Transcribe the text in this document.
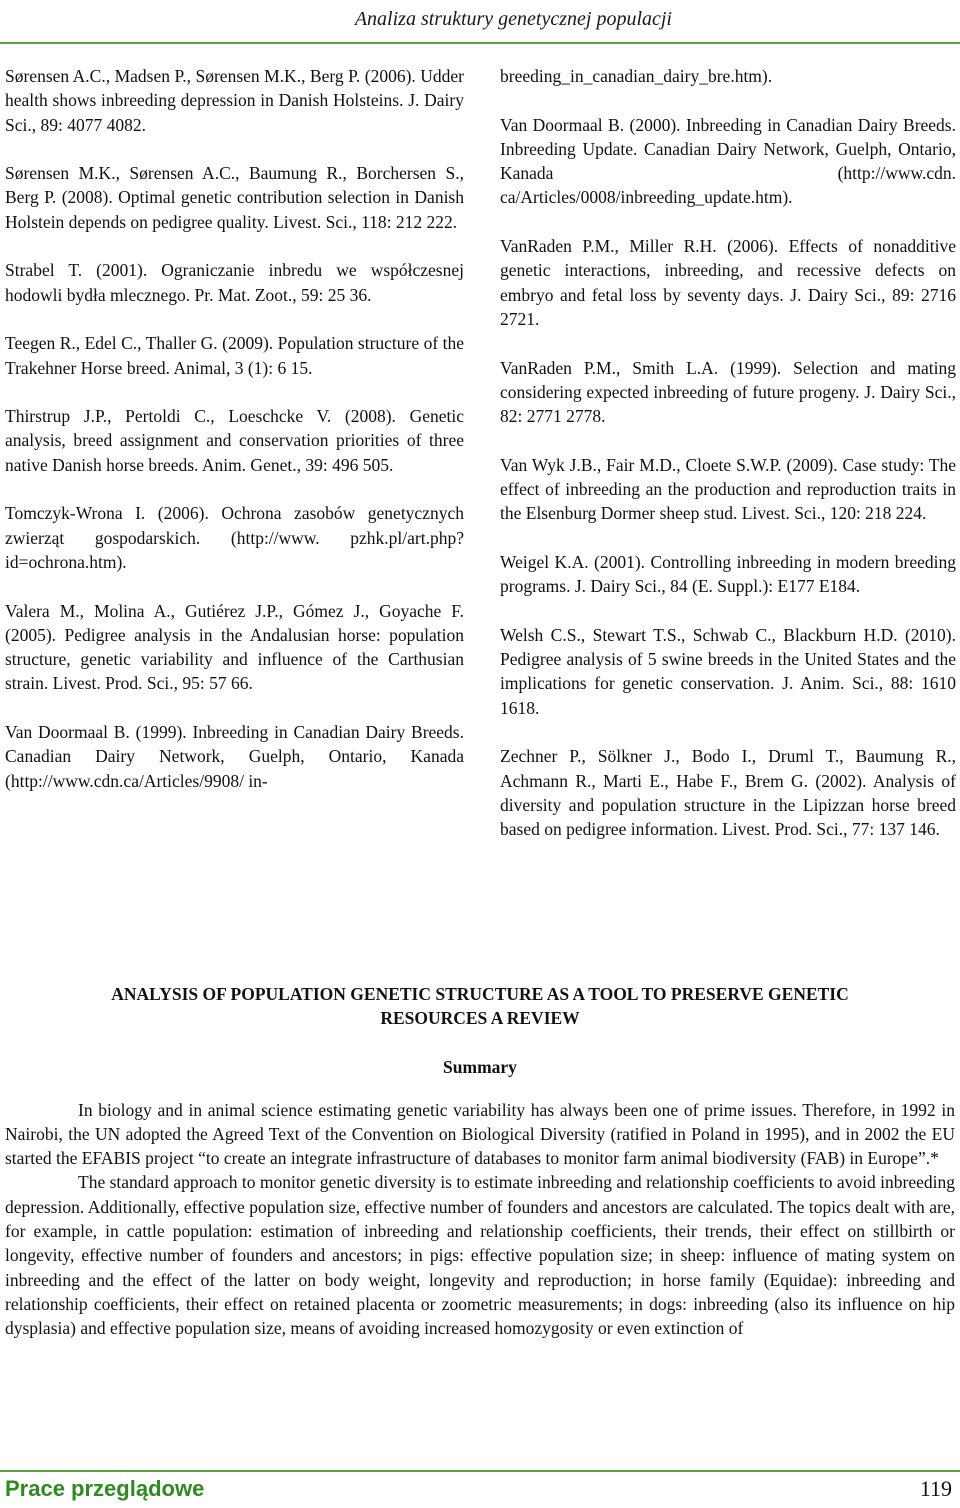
Analiza struktury genetycznej populacji

Sørensen A.C., Madsen P., Sørensen M.K., Berg P. (2006). Udder health shows inbreeding depression in Danish Holsteins. J. Dairy Sci., 89: 4077 4082.

Sørensen M.K., Sørensen A.C., Baumung R., Borchersen S., Berg P. (2008). Optimal genetic contribution selection in Danish Holstein depends on pedigree quality. Livest. Sci., 118: 212 222.

Strabel T. (2001). Ograniczanie inbredu we współczesnej hodowli bydła mlecznego. Pr. Mat. Zoot., 59: 25 36.

Teegen R., Edel C., Thaller G. (2009). Population structure of the Trakehner Horse breed. Animal, 3 (1): 6 15.

Thirstrup J.P., Pertoldi C., Loeschcke V. (2008). Genetic analysis, breed assignment and conservation priorities of three native Danish horse breeds. Anim. Genet., 39: 496 505.

Tomczyk-Wrona I. (2006). Ochrona zasobów genetycznych zwierząt gospodarskich. (http://www. pzhk.pl/art.php?id=ochrona.htm).

Valera M., Molina A., Gutiérez J.P., Gómez J., Goyache F. (2005). Pedigree analysis in the Andalusian horse: population structure, genetic variability and influence of the Carthusian strain. Livest. Prod. Sci., 95: 57 66.

Van Doormaal B. (1999). Inbreeding in Canadian Dairy Breeds. Canadian Dairy Network, Guelph, Ontario, Kanada (http://www.cdn.ca/Articles/9908/ in-

breeding_in_canadian_dairy_bre.htm).

Van Doormaal B. (2000). Inbreeding in Canadian Dairy Breeds. Inbreeding Update. Canadian Dairy Network, Guelph, Ontario, Kanada (http://www.cdn. ca/Articles/0008/inbreeding_update.htm).

VanRaden P.M., Miller R.H. (2006). Effects of nonadditive genetic interactions, inbreeding, and recessive defects on embryo and fetal loss by seventy days. J. Dairy Sci., 89: 2716 2721.

VanRaden P.M., Smith L.A. (1999). Selection and mating considering expected inbreeding of future progeny. J. Dairy Sci., 82: 2771 2778.

Van Wyk J.B., Fair M.D., Cloete S.W.P. (2009). Case study: The effect of inbreeding an the production and reproduction traits in the Elsenburg Dormer sheep stud. Livest. Sci., 120: 218 224.

Weigel K.A. (2001). Controlling inbreeding in modern breeding programs. J. Dairy Sci., 84 (E. Suppl.): E177 E184.

Welsh C.S., Stewart T.S., Schwab C., Blackburn H.D. (2010). Pedigree analysis of 5 swine breeds in the United States and the implications for genetic conservation. J. Anim. Sci., 88: 1610 1618.

Zechner P., Sölkner J., Bodo I., Druml T., Baumung R., Achmann R., Marti E., Habe F., Brem G. (2002). Analysis of diversity and population structure in the Lipizzan horse breed based on pedigree information. Livest. Prod. Sci., 77: 137 146.

ANALYSIS OF POPULATION GENETIC STRUCTURE AS A TOOL TO PRESERVE GENETIC

RESOURCES A REVIEW

Summary

In biology and in animal science estimating genetic variability has always been one of prime issues. Therefore, in 1992 in Nairobi, the UN adopted the Agreed Text of the Convention on Biological Diversity (ratified in Poland in 1995), and in 2002 the EU started the EFABIS project “to create an integrate infrastructure of databases to monitor farm animal biodiversity (FAB) in Europe”.*

The standard approach to monitor genetic diversity is to estimate inbreeding and relationship coefficients to avoid inbreeding depression. Additionally, effective population size, effective number of founders and ancestors are calculated. The topics dealt with are, for example, in cattle population: estimation of inbreeding and relationship coefficients, their trends, their effect on stillbirth or longevity, effective number of founders and ancestors; in pigs: effective population size; in sheep: influence of mating system on inbreeding and the effect of the latter on body weight, longevity and reproduction; in horse family (Equidae): inbreeding and relationship coefficients, their effect on retained placenta or zoometric measurements; in dogs: inbreeding (also its influence on hip dysplasia) and effective population size, means of avoiding increased homozygosity or even extinction of

Prace przeglądowe	119
